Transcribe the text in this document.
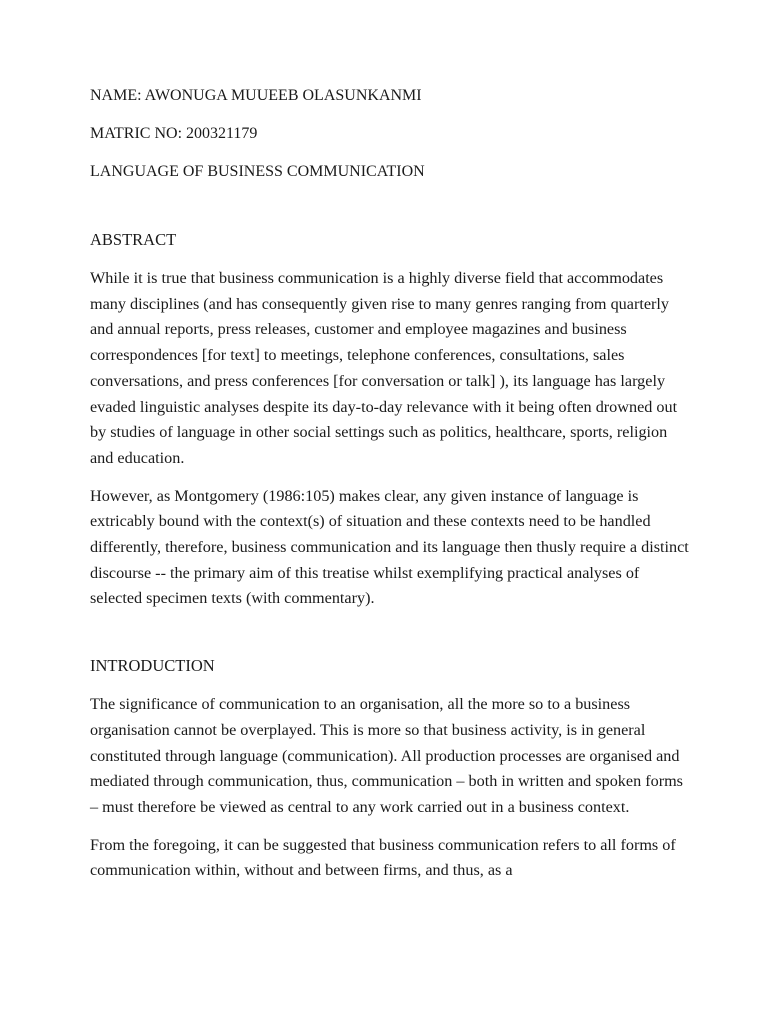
NAME: AWONUGA MUUEEB OLASUNKANMI

MATRIC NO: 200321179

LANGUAGE OF BUSINESS COMMUNICATION

ABSTRACT

While it is true that business communication is a highly diverse field that accommodates many disciplines (and has consequently given rise to many genres ranging from quarterly and annual reports, press releases, customer and employee magazines and business correspondences [for text] to meetings, telephone conferences, consultations, sales conversations, and press conferences [for conversation or talk] ), its language has largely evaded linguistic analyses despite its day-to-day relevance with it being often drowned out by studies of language in other social settings such as politics, healthcare, sports, religion and education.

However, as Montgomery (1986:105) makes clear, any given instance of language is extricably bound with the context(s) of situation and these contexts need to be handled differently, therefore, business communication and its language then thusly require a distinct discourse -- the primary aim of this treatise whilst exemplifying practical analyses of selected specimen texts (with commentary).

INTRODUCTION

The significance of communication to an organisation, all the more so to a business organisation cannot be overplayed. This is more so that business activity, is in general constituted through language (communication). All production processes are organised and mediated through communication, thus, communication – both in written and spoken forms – must therefore be viewed as central to any work carried out in a business context.

From the foregoing, it can be suggested that business communication refers to all forms of communication within, without and between firms, and thus, as a
